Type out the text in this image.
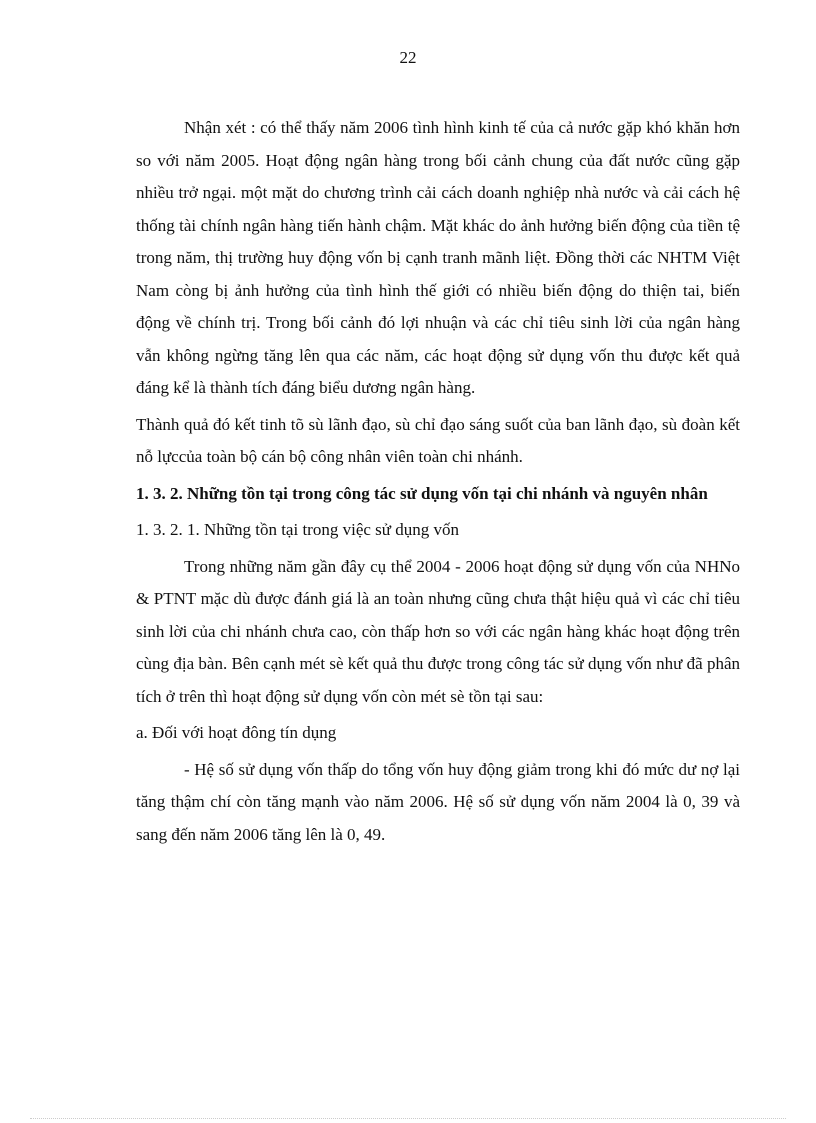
22

Nhận xét : có thể thấy năm 2006 tình hình kinh tế của cả nước gặp khó khăn hơn so với năm 2005. Hoạt động ngân hàng trong bối cảnh chung của đất nước cũng gặp nhiều trở ngại. một mặt do chương trình cải cách doanh nghiệp nhà nước và cải cách hệ thống tài chính ngân hàng tiến hành chậm. Mặt khác do ảnh hưởng biến động của tiền tệ trong năm, thị trường huy động vốn bị cạnh tranh mãnh liệt. Đồng thời các NHTM Việt Nam còng bị ảnh hưởng của tình hình thế giới có nhiều biến động do thiện tai, biến động về chính trị. Trong bối cảnh đó lợi nhuận và các chỉ tiêu sinh lời của ngân hàng vẫn không ngừng tăng lên qua các năm, các hoạt động sử dụng vốn thu được kết quả đáng kể là thành tích đáng biểu dương ngân hàng.

Thành quả đó kết tinh tõ sù lãnh đạo, sù chỉ đạo sáng suốt của ban lãnh đạo, sù đoàn kết nỗ lựccủa toàn bộ cán bộ công nhân viên toàn chi nhánh.

1. 3. 2. Những tồn tại trong công tác sử dụng vốn tại chi nhánh và nguyên nhân

1. 3. 2. 1. Những tồn tại trong việc sử dụng vốn

Trong những năm gần đây cụ thể 2004 - 2006 hoạt động sử dụng vốn của NHNo & PTNT mặc dù được đánh giá là an toàn nhưng cũng chưa thật hiệu quả vì các chỉ tiêu sinh lời của chi nhánh chưa cao, còn thấp hơn so với các ngân hàng khác hoạt động trên cùng địa bàn. Bên cạnh mét sè kết quả thu được trong công tác sử dụng vốn như đã phân tích ở trên thì hoạt động sử dụng vốn còn mét sè tồn tại sau:

a. Đối với hoạt đông tín dụng

- Hệ số sử dụng vốn thấp do tổng vốn huy động giảm trong khi đó mức dư nợ lại tăng thậm chí còn tăng mạnh vào năm 2006. Hệ số sử dụng vốn năm 2004 là 0, 39 và sang đến năm 2006 tăng lên là 0, 49.
